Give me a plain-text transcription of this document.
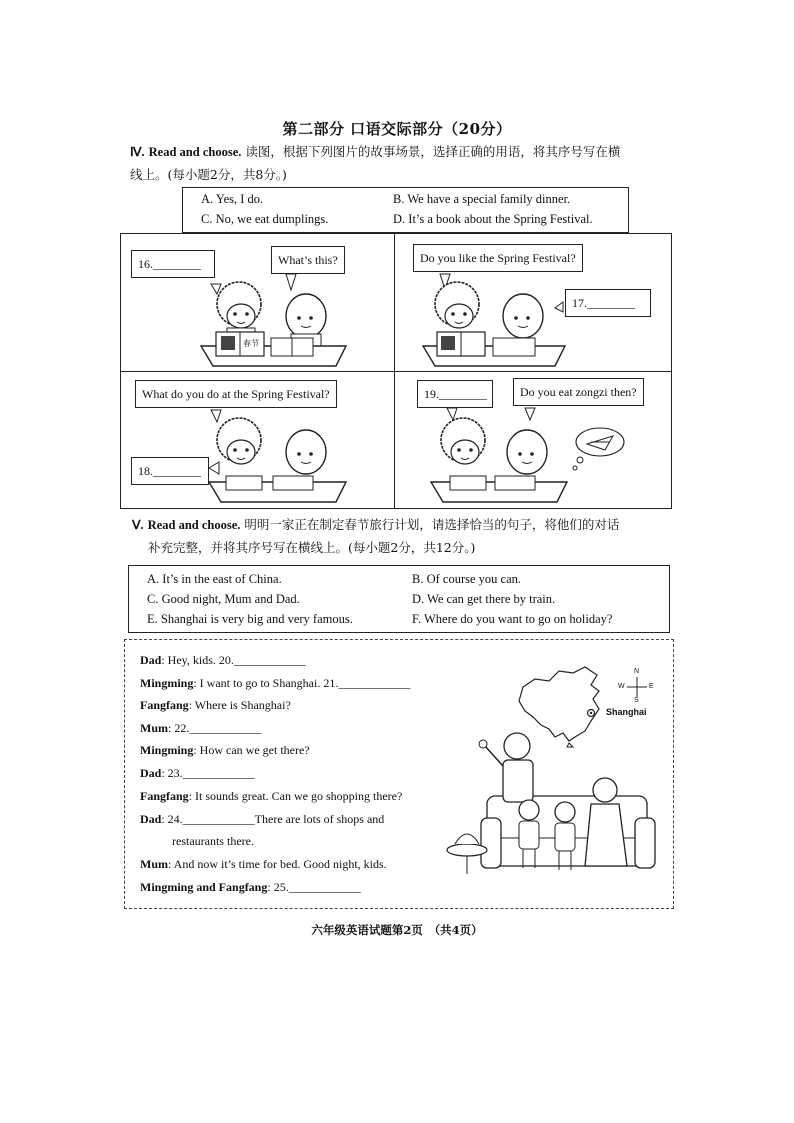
第二部分 口语交际部分（20分）
Ⅳ. Read and choose. 读图，根据下列图片的故事场景，选择正确的用语，将其序号写在横
线上。(每小题2分，共8分。)
A. Yes, I do.	B. We have a special family dinner.
C. No, we eat dumplings.	D. It’s a book about the Spring Festival.
16.________	What’s this?
春节
Do you like the Spring Festival?
17.________
What do you do at the Spring Festival?
18.________
19.________	Do you eat zongzi then?
Ⅴ. Read and choose. 明明一家正在制定春节旅行计划，请选择恰当的句子，将他们的对话
补充完整，并将其序号写在横线上。(每小题2分，共12分。)
A. It’s in the east of China.	B. Of course you can.
C. Good night, Mum and Dad.	D. We can get there by train.
E. Shanghai is very big and very famous.	F. Where do you want to go on holiday?
Dad: Hey, kids. 20.____________
Mingming: I want to go to Shanghai. 21.____________
Fangfang: Where is Shanghai?
Mum: 22.____________
Mingming: How can we get there?
Dad: 23.____________
Fangfang: It sounds great. Can we go shopping there?
Dad: 24.____________There are lots of shops and
restaurants there.
Mum: And now it’s time for bed. Good night, kids.
Mingming and Fangfang: 25.____________
Shanghai
N
S
E
W
六年级英语试题第2页　（共4页）
